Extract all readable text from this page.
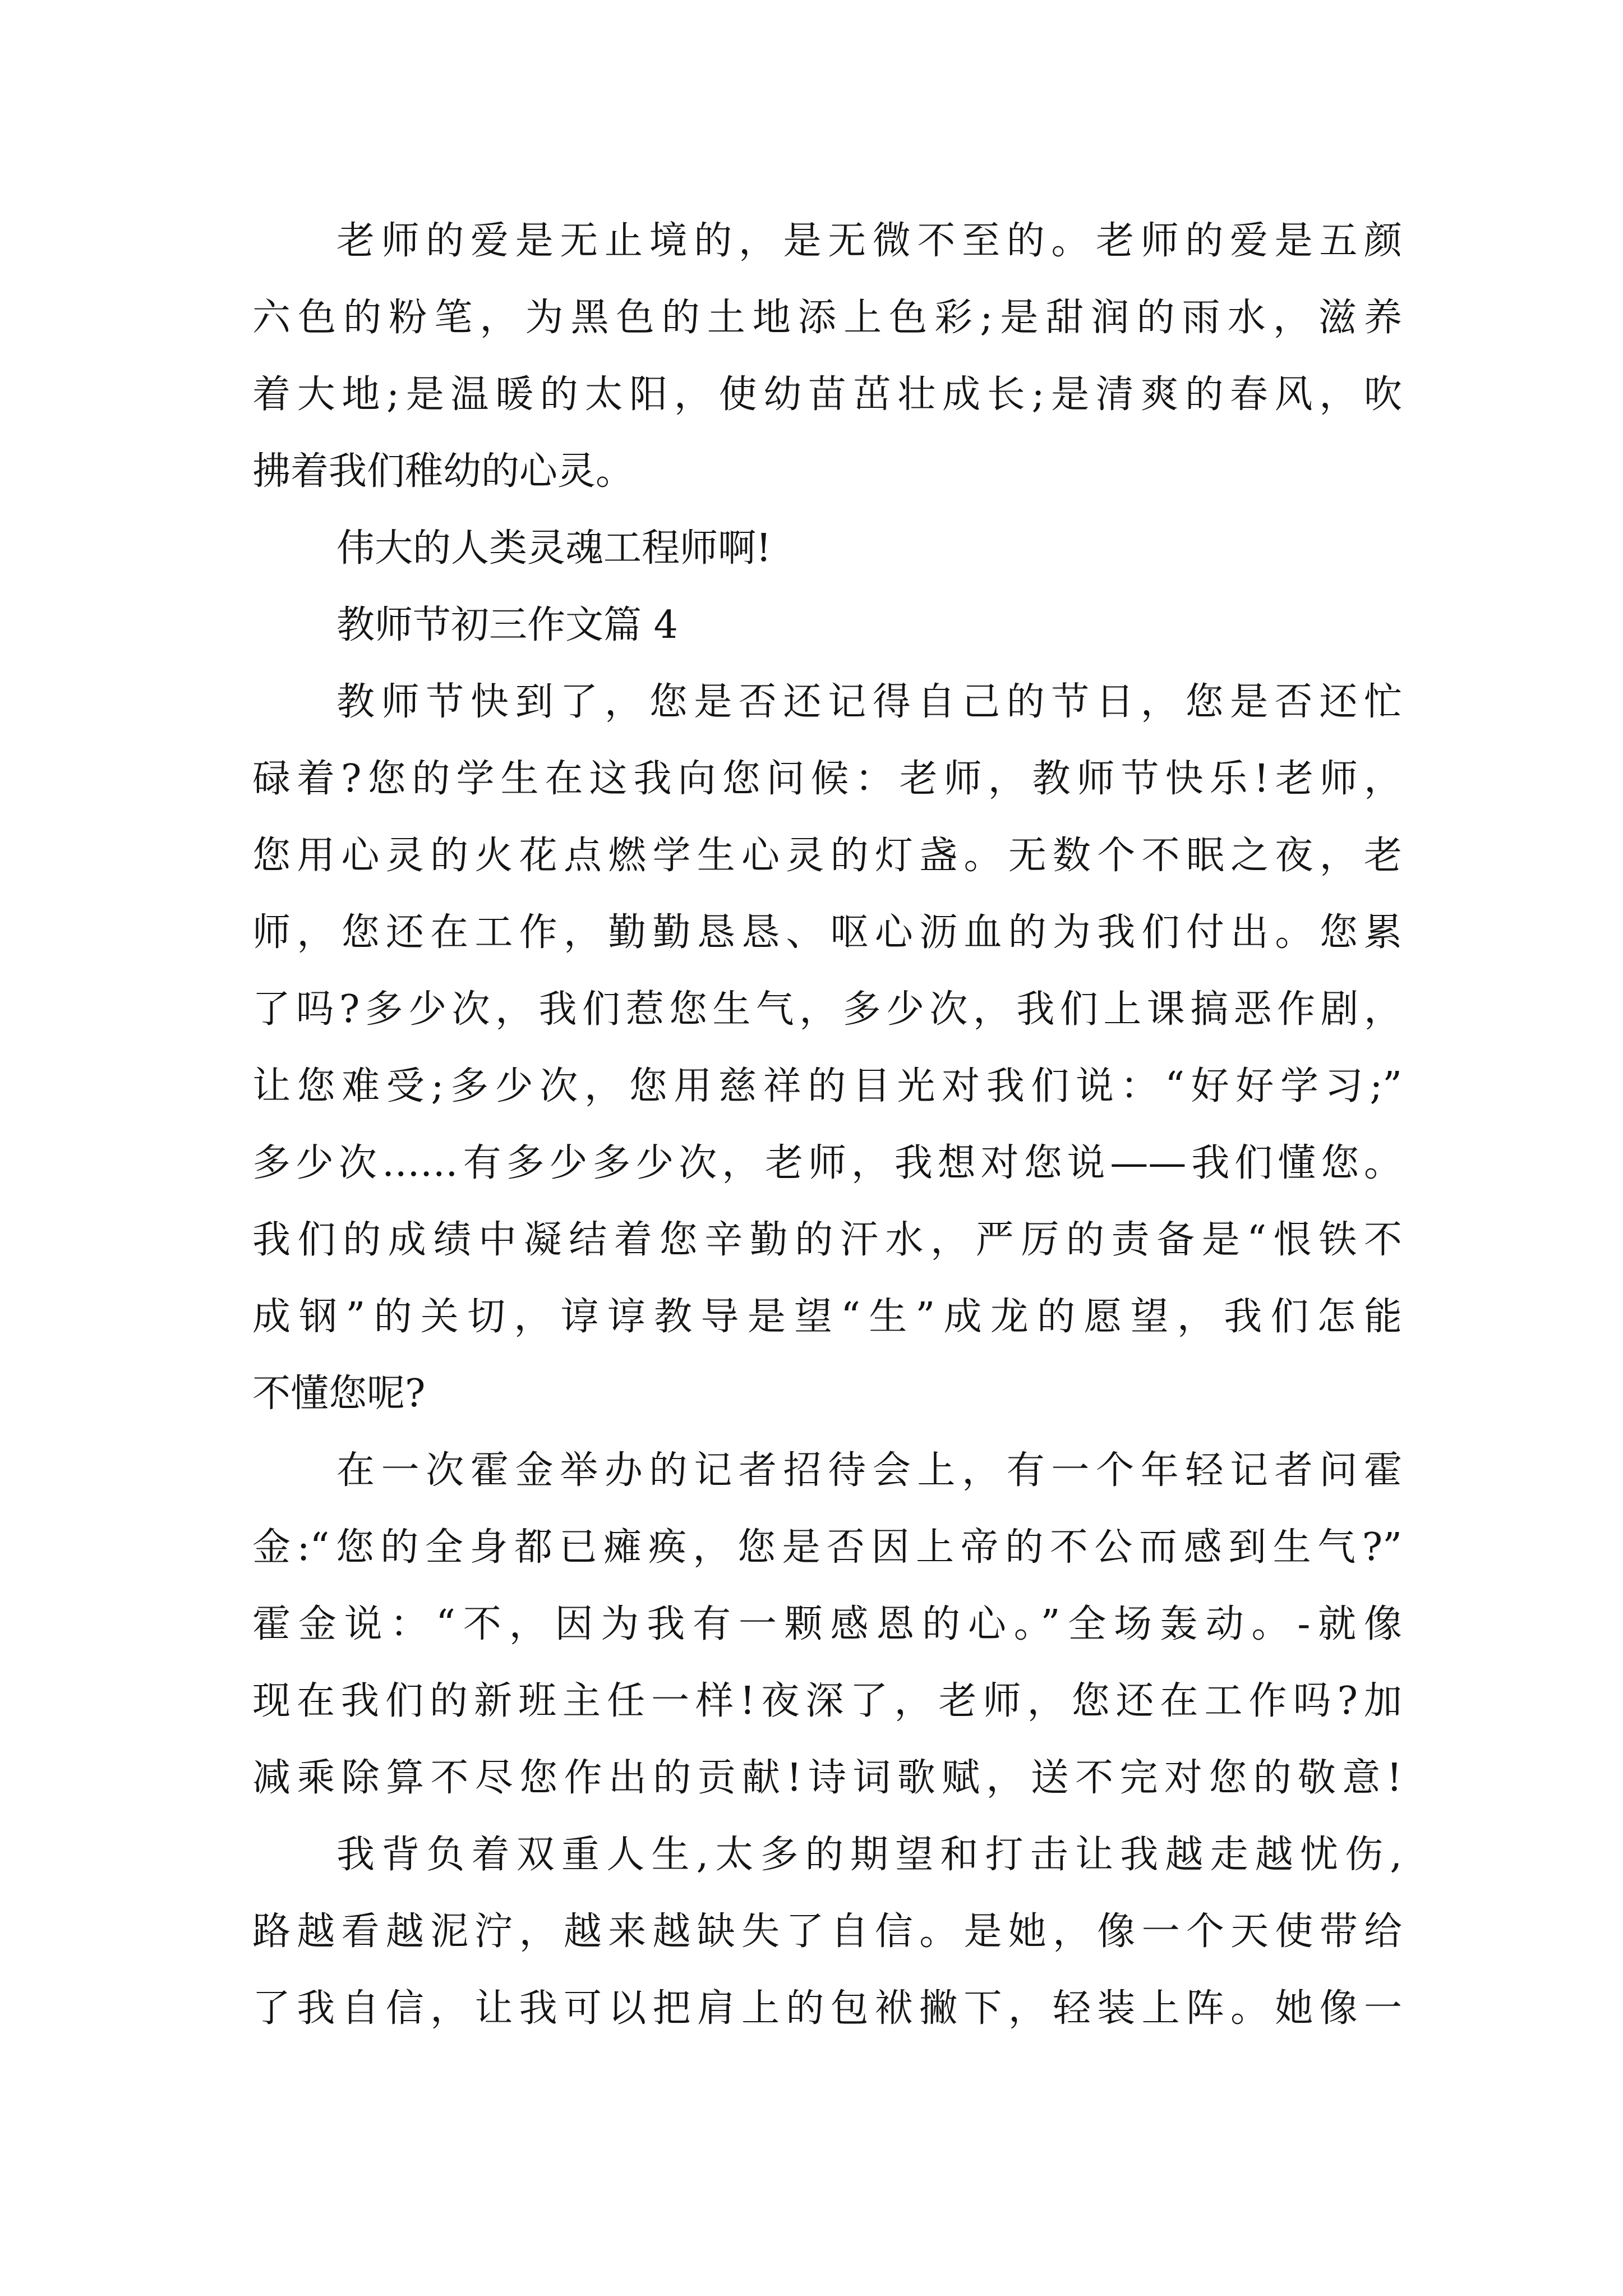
老师的爱是无止境的，是无微不至的。老师的爱是五颜
六色的粉笔，为黑色的土地添上色彩;是甜润的雨水，滋养
着大地;是温暖的太阳，使幼苗茁壮成长;是清爽的春风，吹
拂着我们稚幼的心灵。
伟大的人类灵魂工程师啊!
教师节初三作文篇 4
教师节快到了，您是否还记得自己的节日，您是否还忙
碌着?您的学生在这我向您问候：老师，教师节快乐!老师，
您用心灵的火花点燃学生心灵的灯盏。无数个不眠之夜，老
师，您还在工作，勤勤恳恳、呕心沥血的为我们付出。您累
了吗?多少次，我们惹您生气，多少次，我们上课搞恶作剧，
让您难受;多少次，您用慈祥的目光对我们说：“好好学习;”
多少次……有多少多少次，老师，我想对您说——我们懂您。
我们的成绩中凝结着您辛勤的汗水，严厉的责备是“恨铁不
成钢”的关切，谆谆教导是望“生”成龙的愿望，我们怎能
不懂您呢?
在一次霍金举办的记者招待会上，有一个年轻记者问霍
金:“您的全身都已瘫痪，您是否因上帝的不公而感到生气?”
霍金说：“不，因为我有一颗感恩的心。”全场轰动。-就像
现在我们的新班主任一样!夜深了，老师，您还在工作吗?加
减乘除算不尽您作出的贡献!诗词歌赋，送不完对您的敬意!
我背负着双重人生,太多的期望和打击让我越走越忧伤,
路越看越泥泞，越来越缺失了自信。是她，像一个天使带给
了我自信，让我可以把肩上的包袱撇下，轻装上阵。她像一
